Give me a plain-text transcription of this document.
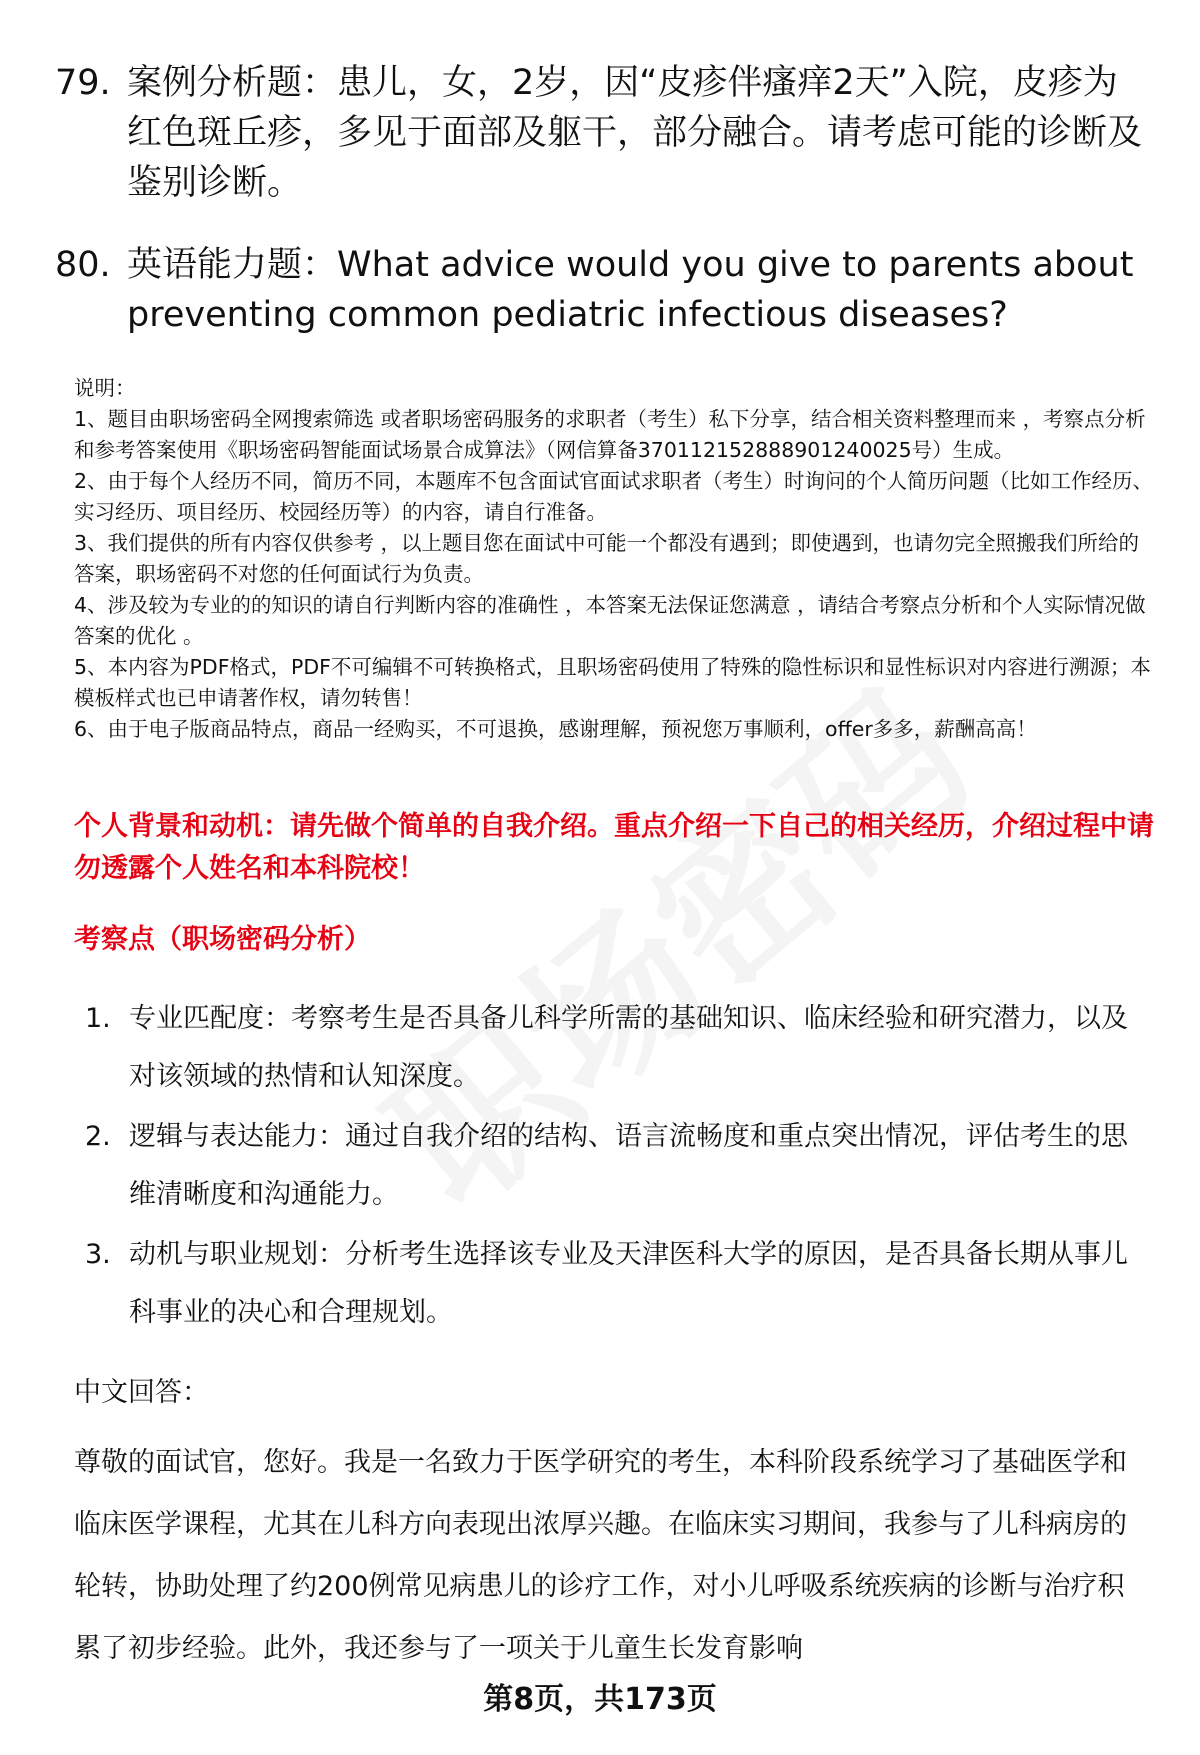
79. 案例分析题：患儿，女，2岁，因“皮疹伴瘙痒2天”入院，皮疹为红色斑丘疹，多见于面部及躯干，部分融合。请考虑可能的诊断及鉴别诊断。
80. 英语能力题：What advice would you give to parents about preventing common pediatric infectious diseases?

说明：

1、题目由职场密码全网搜索筛选 或者职场密码服务的求职者（考生）私下分享，结合相关资料整理而来 ，考察点分析和参考答案使用《职场密码智能面试场景合成算法》（网信算备370112152888901240025号）生成。

2、由于每个人经历不同，简历不同，本题库不包含面试官面试求职者（考生）时询问的个人简历问题（比如工作经历、实习经历、项目经历、校园经历等）的内容，请自行准备。

3、我们提供的所有内容仅供参考 ，以上题目您在面试中可能一个都没有遇到；即使遇到，也请勿完全照搬我们所给的答案，职场密码不对您的任何面试行为负责。

4、涉及较为专业的的知识的请自行判断内容的准确性 ，本答案无法保证您满意 ，请结合考察点分析和个人实际情况做答案的优化 。

5、本内容为PDF格式，PDF不可编辑不可转换格式，且职场密码使用了特殊的隐性标识和显性标识对内容进行溯源；本模板样式也已申请著作权，请勿转售！

6、由于电子版商品特点，商品一经购买，不可退换，感谢理解，预祝您万事顺利，offer多多，薪酬高高！

个人背景和动机：请先做个简单的自我介绍。重点介绍一下自己的相关经历，介绍过程中请勿透露个人姓名和本科院校！
考察点（职场密码分析）
1. 专业匹配度：考察考生是否具备儿科学所需的基础知识、临床经验和研究潜力，以及对该领域的热情和认知深度。
2. 逻辑与表达能力：通过自我介绍的结构、语言流畅度和重点突出情况，评估考生的思维清晰度和沟通能力。
3. 动机与职业规划：分析考生选择该专业及天津医科大学的原因，是否具备长期从事儿科事业的决心和合理规划。
中文回答：

尊敬的面试官，您好。我是一名致力于医学研究的考生，本科阶段系统学习了基础医学和临床医学课程，尤其在儿科方向表现出浓厚兴趣。在临床实习期间，我参与了儿科病房的轮转，协助处理了约200例常见病患儿的诊疗工作，对小儿呼吸系统疾病的诊断与治疗积累了初步经验。此外，我还参与了一项关于儿童生长发育影响

第8页，共173页
